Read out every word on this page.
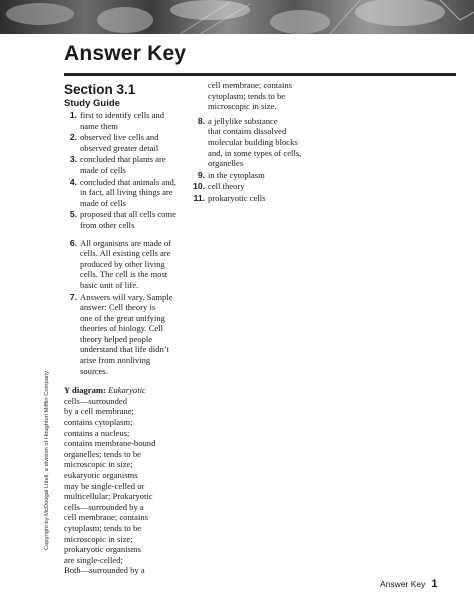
Answer Key
Section 3.1
Study Guide
1. first to identify cells and
name them
2. observed live cells and
observed greater detail
3. concluded that plants are
made of cells
4. concluded that animals and,
in fact, all living things are
made of cells
5. proposed that all cells come
from other cells
6. All organisms are made of
cells. All existing cells are
produced by other living
cells. The cell is the most
basic unit of life.
7. Answers will vary. Sample
answer: Cell theory is
one of the great unifying
theories of biology. Cell
theory helped people
understand that life didn’t
arise from nonliving
sources.
Y diagram: Eukaryotic
cells—surrounded
by a cell membrane;
contains cytoplasm;
contains a nucleus;
contains membrane-bound
organelles; tends to be
microscopic in size;
eukaryotic organisms
may be single-celled or
multicellular; Prokaryotic
cells—surrounded by a
cell membrane; contains
cytoplasm; tends to be
microscopic in size;
prokaryotic organisms
are single-celled;
Both—surrounded by a
cell membrane; contains
cytoplasm; tends to be
microscopic in size.
8. a jellylike substance
that contains dissolved
molecular building blocks
and, in some types of cells,
organelles
9. in the cytoplasm
10. cell theory
11. prokaryotic cells
Copyright by McDougal Littell, a division of Houghton Mifflin Company
Answer Key 1
